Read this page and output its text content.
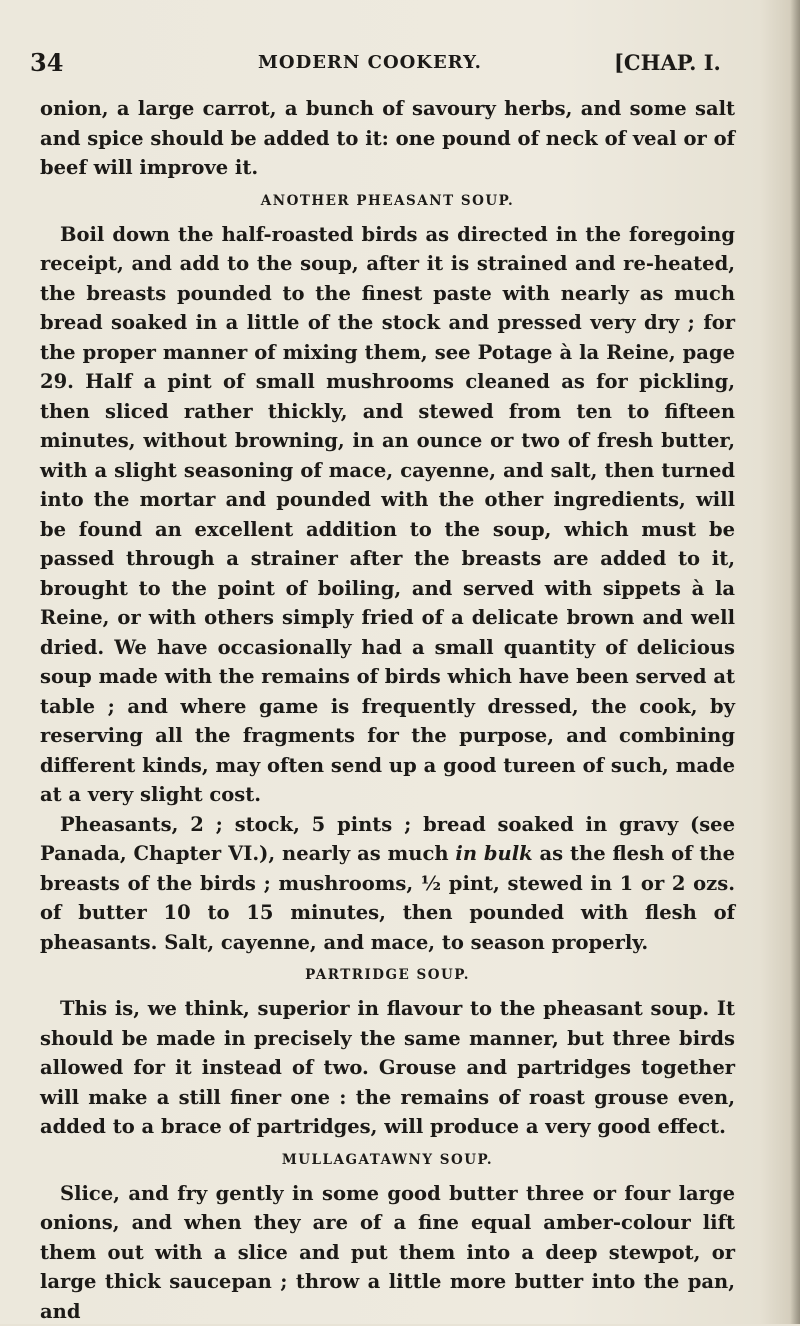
34	MODERN COOKERY.	[CHAP. I.

onion, a large carrot, a bunch of savoury herbs, and some salt and spice should be added to it: one pound of neck of veal or of beef will improve it.

ANOTHER PHEASANT SOUP.

Boil down the half-roasted birds as directed in the foregoing receipt, and add to the soup, after it is strained and re-heated, the breasts pounded to the finest paste with nearly as much bread soaked in a little of the stock and pressed very dry ; for the proper manner of mixing them, see Potage à la Reine, page 29. Half a pint of small mushrooms cleaned as for pickling, then sliced rather thickly, and stewed from ten to fifteen minutes, without browning, in an ounce or two of fresh butter, with a slight seasoning of mace, cayenne, and salt, then turned into the mortar and pounded with the other ingredients, will be found an excellent addition to the soup, which must be passed through a strainer after the breasts are added to it, brought to the point of boiling, and served with sippets à la Reine, or with others simply fried of a delicate brown and well dried. We have occasionally had a small quantity of delicious soup made with the remains of birds which have been served at table ; and where game is frequently dressed, the cook, by reserving all the fragments for the purpose, and combining different kinds, may often send up a good tureen of such, made at a very slight cost.

Pheasants, 2 ; stock, 5 pints ; bread soaked in gravy (see Panada, Chapter VI.), nearly as much in bulk as the flesh of the breasts of the birds ; mushrooms, ½ pint, stewed in 1 or 2 ozs. of butter 10 to 15 minutes, then pounded with flesh of pheasants. Salt, cayenne, and mace, to season properly.

PARTRIDGE SOUP.

This is, we think, superior in flavour to the pheasant soup. It should be made in precisely the same manner, but three birds allowed for it instead of two. Grouse and partridges together will make a still finer one : the remains of roast grouse even, added to a brace of partridges, will produce a very good effect.

MULLAGATAWNY SOUP.

Slice, and fry gently in some good butter three or four large onions, and when they are of a fine equal amber-colour lift them out with a slice and put them into a deep stewpot, or large thick saucepan ; throw a little more butter into the pan, and
